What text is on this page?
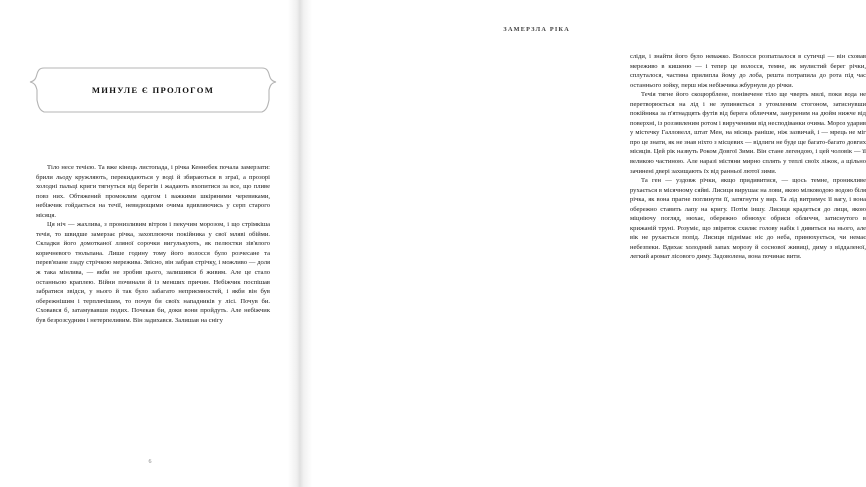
МИНУЛЕ Є ПРОЛОГОМ

Тіло несе течією. Та вже кінець листопада, і річка Кеннебек почала замерзати: брили льоду кружляють, перекидаються у воді й збираються в зграї, а прозорі холодні пальці криги тягнуться від берегів і жадають вхопитися за все, що пливе повз них. Обтяжений промоклим одягом і важкими шкіряними черевиками, небіжчик гойдається на течії, невидющими очима вдивляючись у серп старого місяця.

Ця ніч — жахлива, з пронизливим вітром і пекучим морозом, і що стрімкіша течія, то швидше замерзає річка, захоплюючи покійника у свої мляві обійми. Складки його домотканої лляної сорочки вигулькують, як пелюстки зів'ялого коричневого тюльпана. Лише годину тому його волосся було розчесане та перев'язане ззаду стрічкою мережива. Звісно, він забрав стрічку, і можливо — доля ж така мінлива, — якби не зробив цього, залишився б живим. Але це стало останньою краплею. Війни починали й із менших причин. Небіжчик поспішав забратися звідси, у нього й так було забагато неприємностей, і якби він був обережнішим і терплячішим, то почув би своїх нападників у лісі. Почув би. Сховався б, затамувавши подих. Почекав би, доки вони пройдуть. Але небіжчик був безрозсудним і нетерпеливим. Він задихався. Залишав на снігу

6
ЗАМЕРЗЛА РІКА

сліди, і знайти його було неважко. Волосся розпатлалося в сутичці — він сховав мереживо в кишеню — і тепер це волосся, темне, як мулистий берег річки, сплуталося, частина прилипла йому до лоба, решта потрапила до рота під час останнього зойку, перш ніж небіжчика жбурнули до річки.

Течія тягне його скоцюрблене, понівечене тіло ще чверть милі, поки вода не перетворюється на лід і не зупиняється з утомленим стогоном, затиснувши покійника за п'ятнадцять футів від берега обличчям, зануреним на дюйм нижче від поверхні, із роззявленим ротом і вирученими від несподіванки очима. Мороз ударив у містечку Галловелл, штат Мен, на місяць раніше, ніж зазвичай, і — мрець не міг про це знати, як не знав ніхто з місцевих — відлиги не буде ще багато-багато довгих місяців. Цей рік назвуть Роком Довгої Зими. Він стане легендою, і цей чоловік — її великою частиною. Але наразі містяни мирно сплять у теплі своїх ліжок, а щільно зачинені двері захищають їх від ранньої лютої зими.

Та ген — уздовж річки, якщо придивитися, — щось темне, проникливе рухається в місячному сяйві. Лисиця вирушає на лови, якою мілководою водою біля річка, як вона прагне поглинути її, затягнути у вир. Та лід витримує її вагу, і вона обережно ставить лапу на кригу. Потім іншу. Лисиця крадеться до лиця, якою міцніючу погляд, нюхає, обережно обнюхує обриси обличчя, затиснутого в крижаній труні. Розуміє, що звіряток схиляє голову набік і дивиться на нього, але вік не рухається попід. Лисиця піднімає ніс до неба, принюхується, чи немає небезпеки. Вдихає холодний запах морозу й соснової живиці, диму з віддаленої, легкий аромат лісового диму. Задоволена, вона починає вити.
